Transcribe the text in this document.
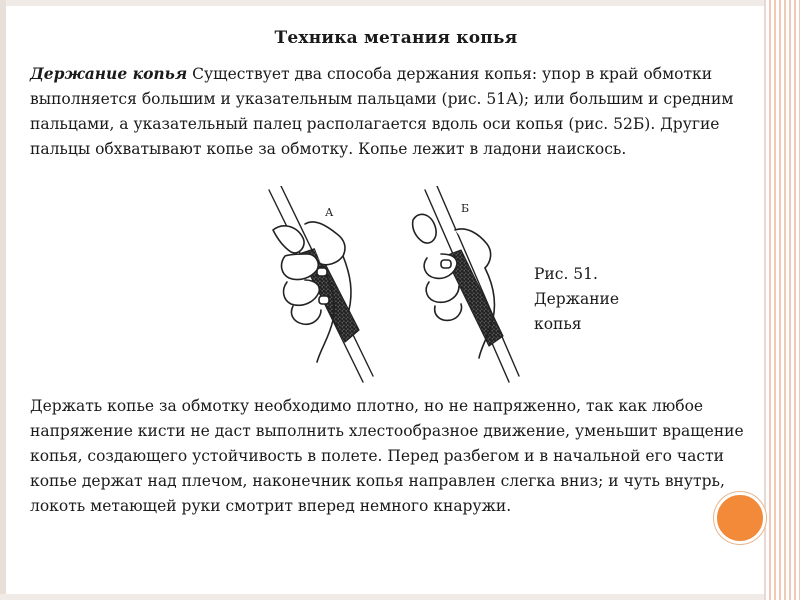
Техника метания копья

Держание копья Существует два способа держания копья: упор в край обмотки выполняется большим и указательным пальцами (рис. 51А); или большим и средним пальцами, а указательный палец располагается вдоль оси копья (рис. 52Б). Другие пальцы обхватывают копье за обмотку. Копье лежит в ладони наискось.

А	Б
Рис. 51.
Держание
копья

Держать копье за обмотку необходимо плотно, но не напряженно, так как любое напряжение кисти не даст выполнить хлестообразное движение, уменьшит вращение копья, создающего устойчивость в полете. Перед разбегом и в начальной его части копье держат над плечом, наконечник копья направлен слегка вниз; и чуть внутрь, локоть метающей руки смотрит вперед немного кнаружи.
